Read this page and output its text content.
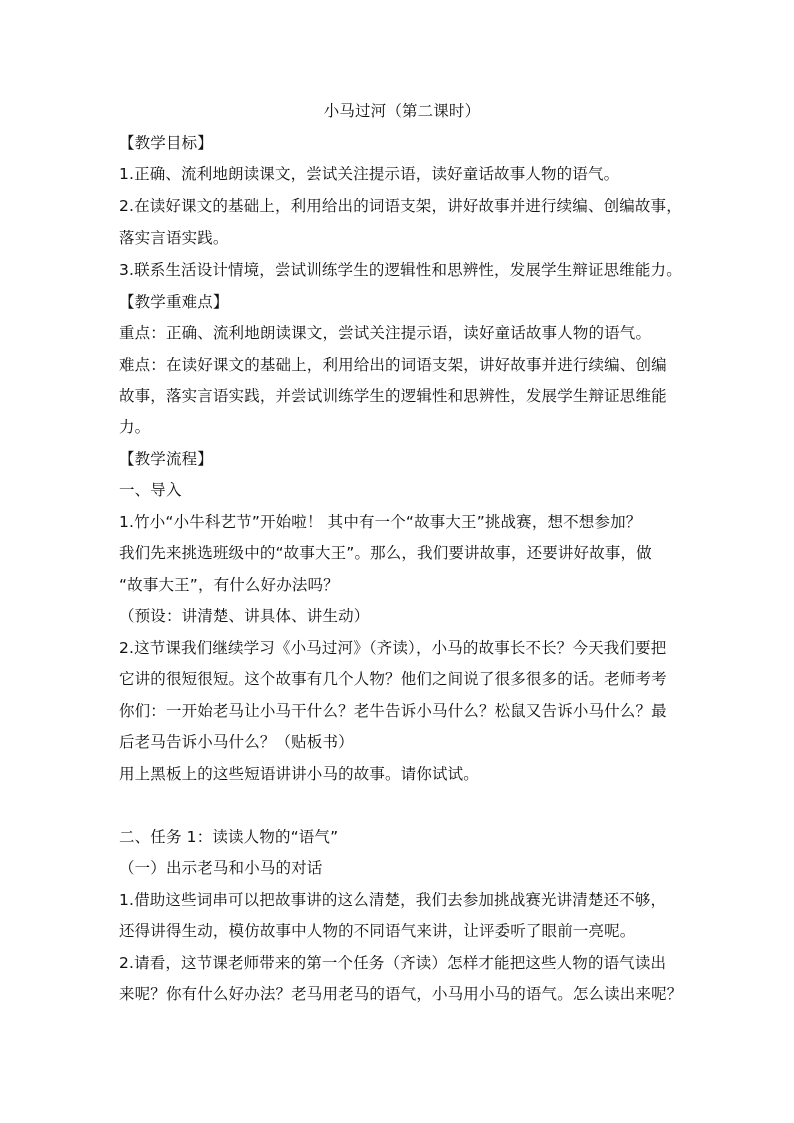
小马过河（第二课时）
【教学目标】
1.正确、流利地朗读课文，尝试关注提示语，读好童话故事人物的语气。
2.在读好课文的基础上，利用给出的词语支架，讲好故事并进行续编、创编故事，
落实言语实践。
3.联系生活设计情境，尝试训练学生的逻辑性和思辨性，发展学生辩证思维能力。
【教学重难点】
重点：正确、流利地朗读课文，尝试关注提示语，读好童话故事人物的语气。
难点：在读好课文的基础上，利用给出的词语支架，讲好故事并进行续编、创编
故事，落实言语实践，并尝试训练学生的逻辑性和思辨性，发展学生辩证思维能
力。
【教学流程】
一、导入
1.竹小“小牛科艺节”开始啦！ 其中有一个“故事大王”挑战赛，想不想参加？
我们先来挑选班级中的“故事大王”。那么，我们要讲故事，还要讲好故事，做
“故事大王”，有什么好办法吗？
（预设：讲清楚、讲具体、讲生动）
2.这节课我们继续学习《小马过河》（齐读），小马的故事长不长？今天我们要把
它讲的很短很短。这个故事有几个人物？他们之间说了很多很多的话。老师考考
你们：一开始老马让小马干什么？老牛告诉小马什么？松鼠又告诉小马什么？最
后老马告诉小马什么？（贴板书）
用上黑板上的这些短语讲讲小马的故事。请你试试。
二、任务 1：读读人物的“语气”
（一）出示老马和小马的对话
1.借助这些词串可以把故事讲的这么清楚，我们去参加挑战赛光讲清楚还不够，
还得讲得生动，模仿故事中人物的不同语气来讲，让评委听了眼前一亮呢。
2.请看，这节课老师带来的第一个任务（齐读）怎样才能把这些人物的语气读出
来呢？你有什么好办法？老马用老马的语气，小马用小马的语气。怎么读出来呢？
